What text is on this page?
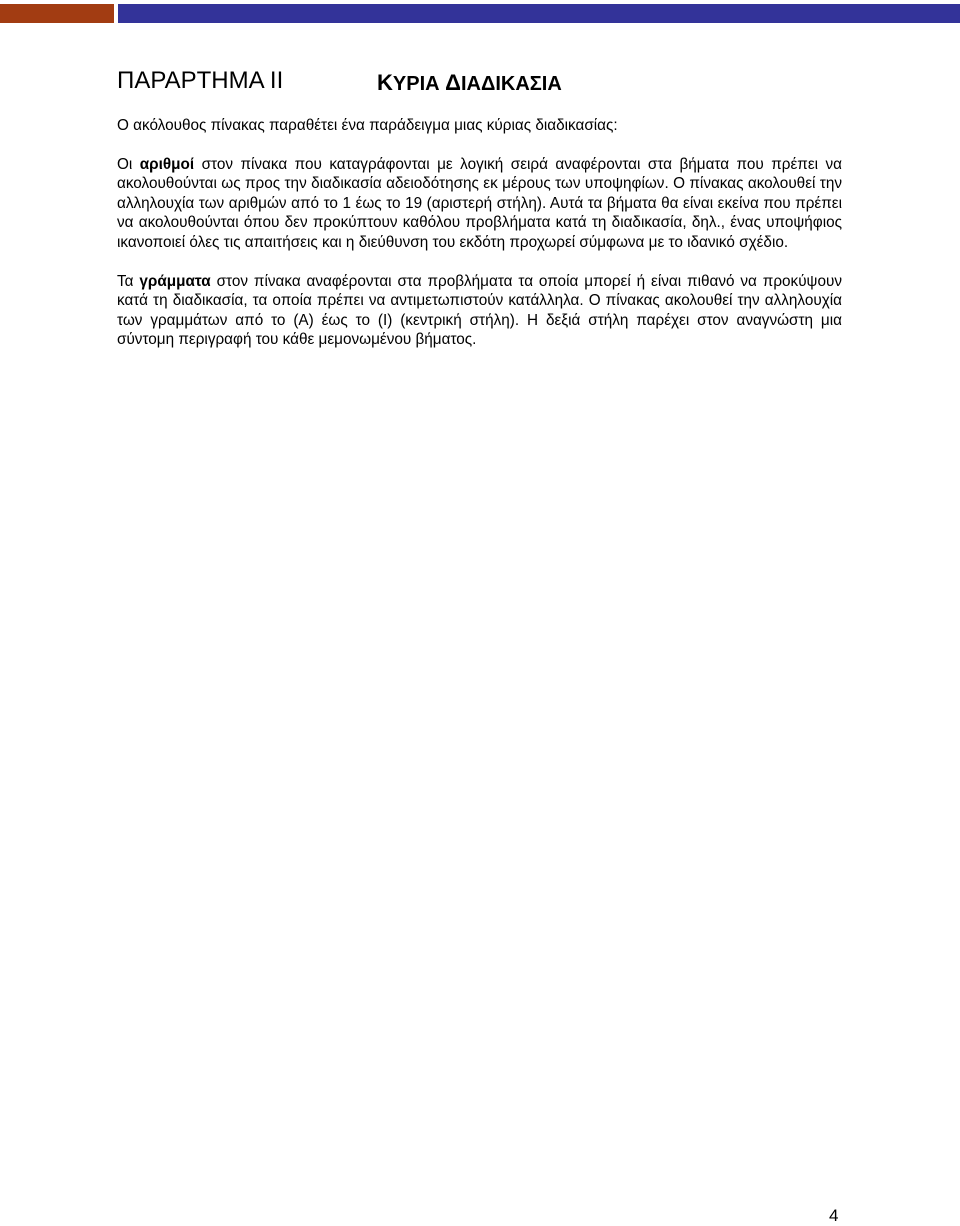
ΠΑΡΑΡΤΗΜΑ ΙΙ	ΚΥΡΙΑ ΔΙΑΔΙΚΑΣΙΑ

Ο ακόλουθος πίνακας παραθέτει ένα παράδειγμα μιας κύριας διαδικασίας:

Οι αριθμοί στον πίνακα που καταγράφονται με λογική σειρά αναφέρονται στα βήματα που πρέπει να ακολουθούνται ως προς την διαδικασία αδειοδότησης εκ μέρους των υποψηφίων. Ο πίνακας ακολουθεί την αλληλουχία των αριθμών από το 1 έως το 19 (αριστερή στήλη). Αυτά τα βήματα θα είναι εκείνα που πρέπει να ακολουθούνται όπου δεν προκύπτουν καθόλου προβλήματα κατά τη διαδικασία, δηλ., ένας υποψήφιος ικανοποιεί όλες τις απαιτήσεις και η διεύθυνση του εκδότη προχωρεί σύμφωνα με το ιδανικό σχέδιο.

Τα γράμματα στον πίνακα αναφέρονται στα προβλήματα τα οποία μπορεί ή είναι πιθανό να προκύψουν κατά τη διαδικασία, τα οποία πρέπει να αντιμετωπιστούν κατάλληλα. Ο πίνακας ακολουθεί την αλληλουχία των γραμμάτων από το (Α) έως το (Ι) (κεντρική στήλη). Η δεξιά στήλη παρέχει στον αναγνώστη μια σύντομη περιγραφή του κάθε μεμονωμένου βήματος.

4
